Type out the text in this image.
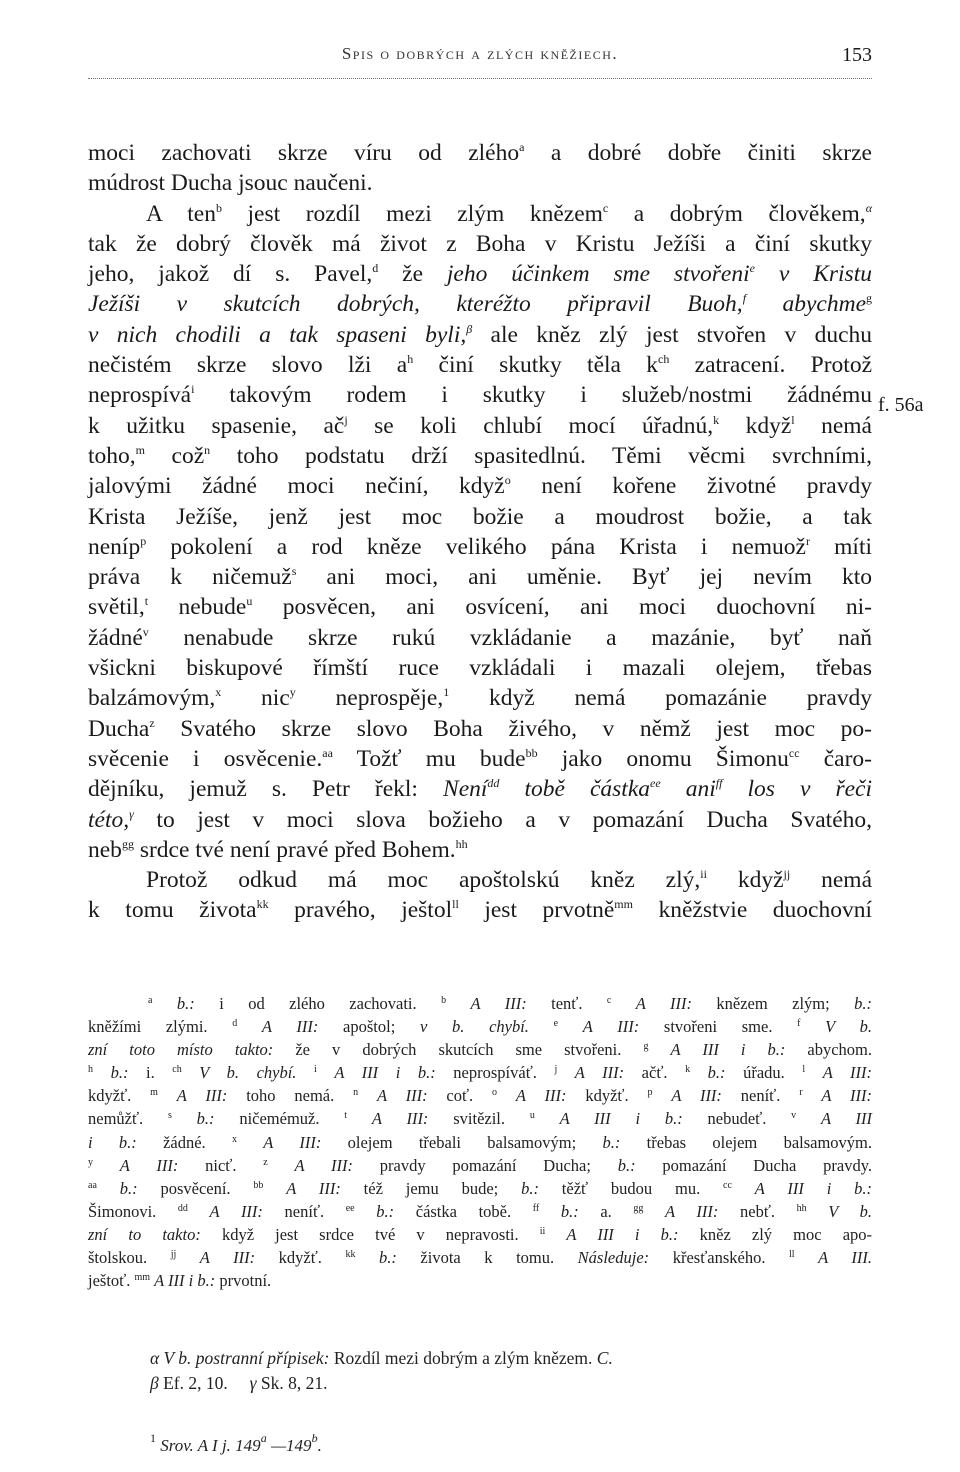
Spis o dobrých a zlých kněžiech.	153
moci zachovati skrze víru od zlého$^a$ a dobré dobře činiti skrze
múdrost Ducha jsouc naučeni.
A ten$^b$ jest rozdíl mezi zlým knězem$^c$ a dobrým člověkem,$^\alpha$
tak že dobrý člověk má život z Boha v Kristu Ježíši a činí skutky
jeho, jakož dí s. Pavel,$^d$ že jeho účinkem sme stvořeni$^e$ v Kristu
Ježíši v skutcích dobrých, kteréžto připravil Buoh,$^f$ abychme$^g$
v nich chodili a tak spaseni byli,$^\beta$ ale kněz zlý jest stvořen v duchu
nečistém skrze slovo lži $a^h$ činí skutky těla $k^{ch}$ zatracení. Protož
neprospívá$^i$ takovým rodem i skutky i služeb/nostmi žádnému
k užitku spasenie, $ač^j$ se koli chlubí mocí úřadnú,$^k$ když$^l$ nemá
toho,$^m$ což$^n$ toho podstatu drží spasitedlnú. Těmi věcmi svrchními,
jalovými žádné moci nečiní, když$^o$ není kořene životné pravdy
Krista Ježíše, jenž jest moc božie a moudrost božie, a tak
neníp$^p$ pokolení a rod kněze velikého pána Krista i nemuož$^r$ míti
práva k ničemuž$^s$ ani moci, ani uměnie. Byť jej nevím kto
světil,$^t$ nebude$^u$ posvěcen, ani osvícení, ani moci duochovní ni-
žádné$^v$ nenabude skrze rukú vzkládanie a mazánie, byť naň
všickni biskupové římští ruce vzkládali i mazali olejem, třebas
balzámovým,$^x$ nic$^y$ neprospěje,$^1$ když nemá pomazánie pravdy
Ducha$^z$ Svatého skrze slovo Boha živého, v němž jest moc po-
svěcenie i osvěcenie.$^{aa}$ Tožť mu bude$^{bb}$ jako onomu Šimonu$^{cc}$ čaro-
dějníku, jemuž s. Petr řekl: Není$^{dd}$ tobě částka$^{ee}$ ani$^{ff}$ los v řeči
této,$^\gamma$ to jest v moci slova božieho a v pomazání Ducha Svatého,
neb$^{gg}$ srdce tvé není pravé před Bohem.$^{hh}$
Protož odkud má moc apoštolskú kněz zlý,$^{ii}$ když$^{jj}$ nemá
k tomu života$^{kk}$ pravého, ještol$^{ll}$ jest prvotně$^{mm}$ kněžstvie duochovní
f. 56a
$^a$ b.: i od zlého zachovati. $^b$ A III: tenť. $^c$ A III: knězem zlým; b.:
kněžími zlými. $^d$ A III: apoštol; v b. chybí. $^e$ A III: stvořeni sme. $^f$ V b.
zní toto místo takto: že v dobrých skutcích sme stvořeni. $^g$ A III i b.: abychom.
$^h$ b.: i. $^{ch}$ V b. chybí. $^i$ A III i b.: neprospíváť. $^j$ A III: ačť. $^k$ b.: úřadu. $^l$ A III:
kdyžť. $^m$ A III: toho nemá. $^n$ A III: coť. $^o$ A III: kdyžť. $^p$ A III: neníť. $^r$ A III:
nemůžť. $^s$ b.: ničemémuž. $^t$ A III: svitězil. $^u$ A III i b.: nebudeť. $^v$ A III
i b.: žádné. $^x$ A III: olejem třebali balsamovým; b.: třebas olejem balsamovým.
$^y$ A III: nicť. $^z$ A III: pravdy pomazání Ducha; b.: pomazání Ducha pravdy.
$^{aa}$ b.: posvěcení. $^{bb}$ A III: též jemu bude; b.: těžť budou mu. $^{cc}$ A III i b.:
Šimonovi. $^{dd}$ A III: neníť. $^{ee}$ b.: částka tobě. $^{ff}$ b.: a. $^{gg}$ A III: nebť. $^{hh}$ V b.
zní to takto: když jest srdce tvé v nepravosti. $^{ii}$ A III i b.: kněz zlý moc apo-
štolskou. $^{jj}$ A III: kdyžť. $^{kk}$ b.: života k tomu. Následuje: křesťanského. $^{ll}$ A III.
ještoť. $^{mm}$ A III i b.: prvotní.
α V b. postranní přípisek: Rozdíl mezi dobrým a zlým knězem. C.
β Ef. 2, 10.     γ Sk. 8, 21.
$^1$ Srov. A I j. 149$^a$ —149$^b$.
